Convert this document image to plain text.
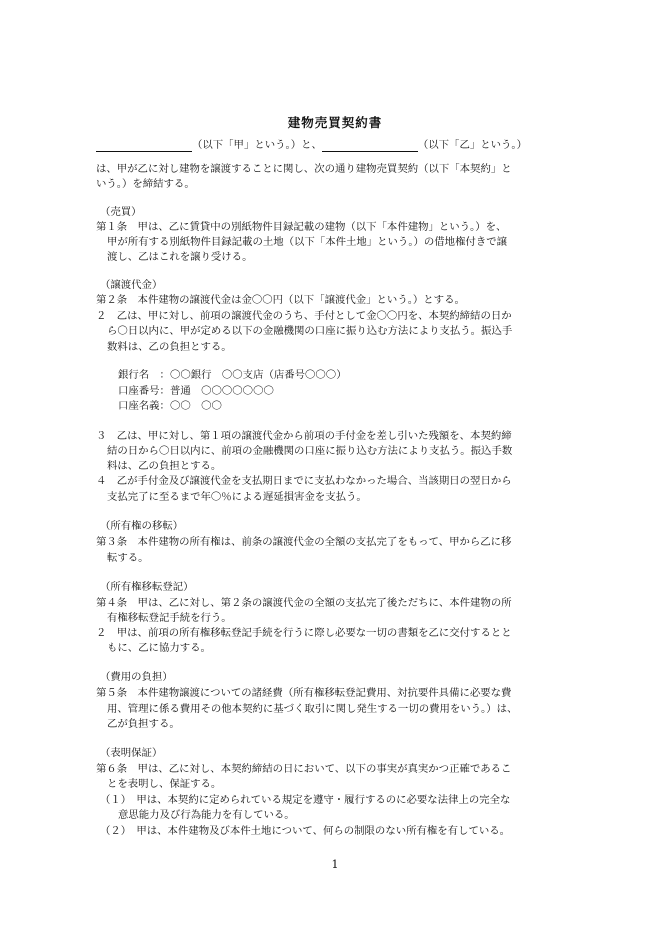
建物売買契約書
（以下「甲」という。）と、	（以下「乙」という。）
は、甲が乙に対し建物を譲渡することに関し、次の通り建物売買契約（以下「本契約」と
いう。）を締結する。
（売買）
第１条　甲は、乙に賃貸中の別紙物件目録記載の建物（以下「本件建物」という。）を、
甲が所有する別紙物件目録記載の土地（以下「本件土地」という。）の借地権付きで譲
渡し、乙はこれを譲り受ける。
（譲渡代金）
第２条　本件建物の譲渡代金は金〇〇円（以下「譲渡代金」という。）とする。
２　乙は、甲に対し、前項の譲渡代金のうち、手付として金〇〇円を、本契約締結の日か
ら〇日以内に、甲が定める以下の金融機関の口座に振り込む方法により支払う。振込手
数料は、乙の負担とする。
銀行名　：〇〇銀行　〇〇支店（店番号〇〇〇）
口座番号：普通　〇〇〇〇〇〇〇
口座名義：〇〇　〇〇
３　乙は、甲に対し、第１項の譲渡代金から前項の手付金を差し引いた残額を、本契約締
結の日から〇日以内に、前項の金融機関の口座に振り込む方法により支払う。振込手数
料は、乙の負担とする。
４　乙が手付金及び譲渡代金を支払期日までに支払わなかった場合、当該期日の翌日から
支払完了に至るまで年〇％による遅延損害金を支払う。
（所有権の移転）
第３条　本件建物の所有権は、前条の譲渡代金の全額の支払完了をもって、甲から乙に移
転する。
（所有権移転登記）
第４条　甲は、乙に対し、第２条の譲渡代金の全額の支払完了後ただちに、本件建物の所
有権移転登記手続を行う。
２　甲は、前項の所有権移転登記手続を行うに際し必要な一切の書類を乙に交付するとと
もに、乙に協力する。
（費用の負担）
第５条　本件建物譲渡についての諸経費（所有権移転登記費用、対抗要件具備に必要な費
用、管理に係る費用その他本契約に基づく取引に関し発生する一切の費用をいう。）は、
乙が負担する。
（表明保証）
第６条　甲は、乙に対し、本契約締結の日において、以下の事実が真実かつ正確であるこ
とを表明し、保証する。
（１）　甲は、本契約に定められている規定を遵守・履行するのに必要な法律上の完全な
意思能力及び行為能力を有している。
（２）　甲は、本件建物及び本件土地について、何らの制限のない所有権を有している。
1
